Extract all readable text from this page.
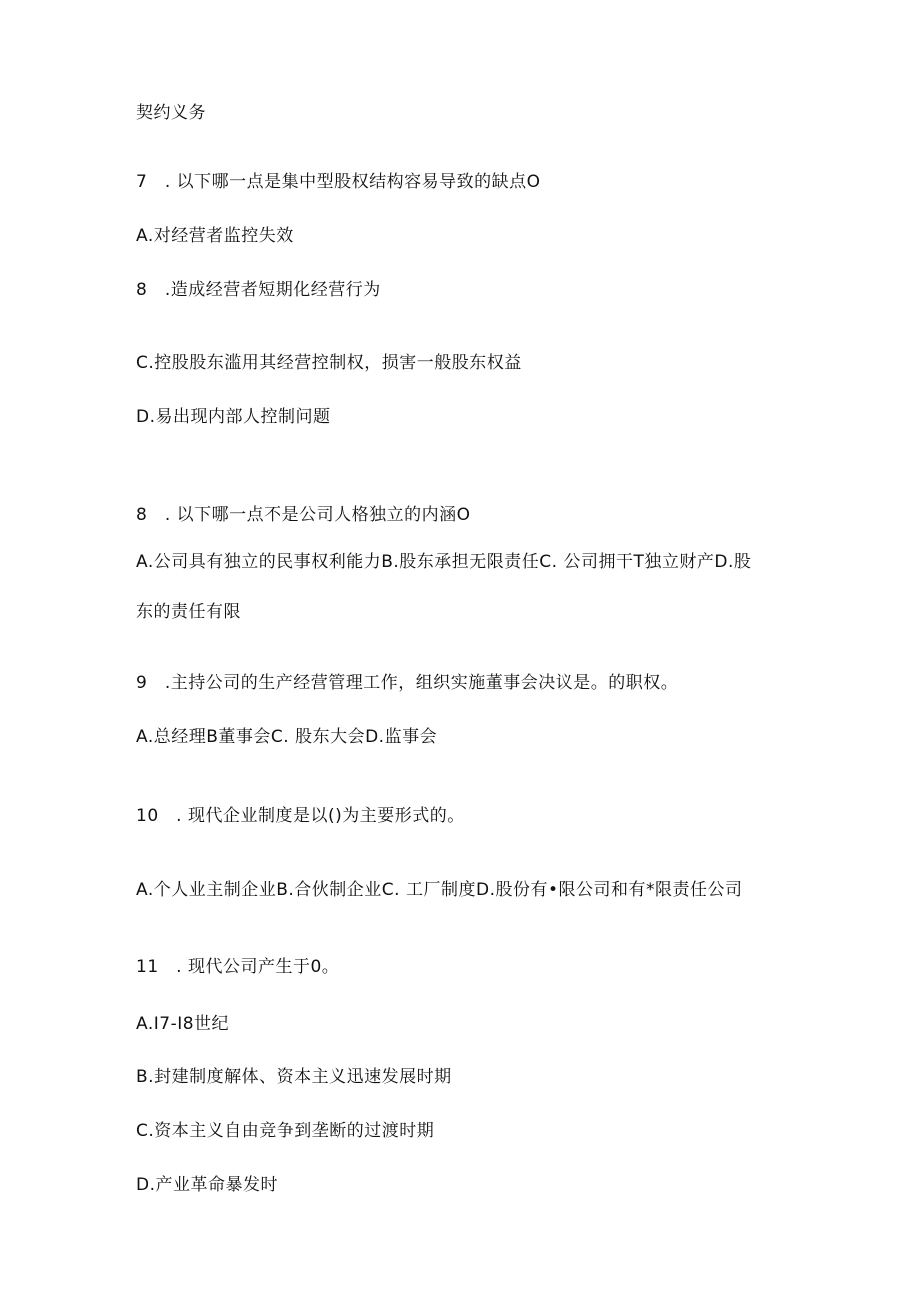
契约义务
7　. 以下哪一点是集中型股权结构容易导致的缺点O
A.对经营者监控失效
8　.造成经营者短期化经营行为
C.控股股东滥用其经营控制权，损害一般股东权益
D.易出现内部人控制问题
8　. 以下哪一点不是公司人格独立的内涵O
A.公司具有独立的民事权利能力B.股东承担无限责任C. 公司拥干T独立财产D.股
东的责任有限
9　.主持公司的生产经营管理工作，组织实施董事会决议是。的职权。
A.总经理B董事会C. 股东大会D.监事会
10　. 现代企业制度是以()为主要形式的。
A.个人业主制企业B.合伙制企业C. 工厂制度D.股份有•限公司和有*限责任公司
11　. 现代公司产生于0。
A.I7-I8世纪
B.封建制度解体、资本主义迅速发展时期
C.资本主义自由竞争到垄断的过渡时期
D.产业革命暴发时
